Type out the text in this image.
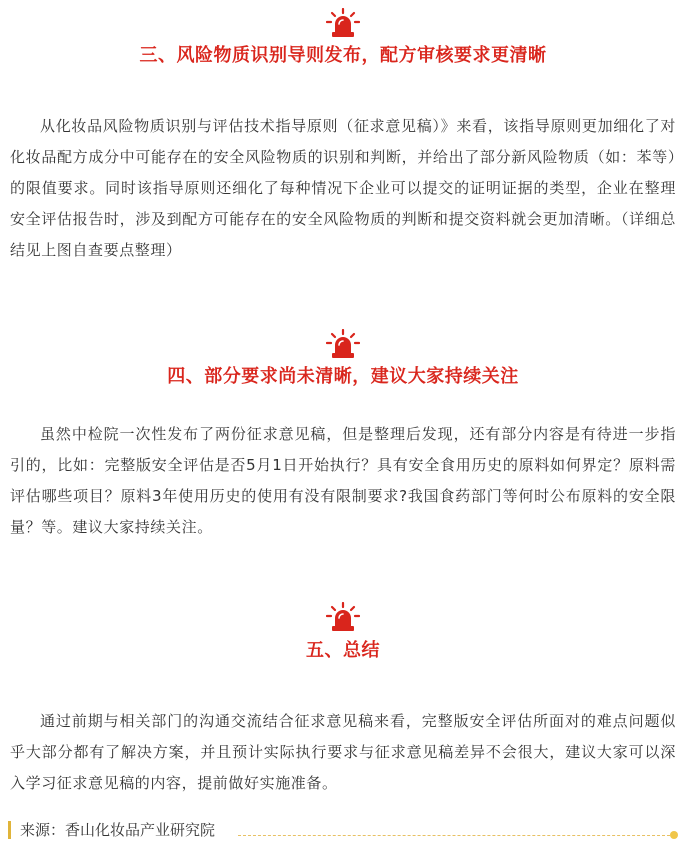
三、风险物质识别导则发布，配方审核要求更清晰
从化妆品风险物质识别与评估技术指导原则（征求意见稿）》来看，该指导原则更加细化了对化妆品配方成分中可能存在的安全风险物质的识别和判断，并给出了部分新风险物质（如：苯等）的限值要求。同时该指导原则还细化了每种情况下企业可以提交的证明证据的类型，企业在整理安全评估报告时，涉及到配方可能存在的安全风险物质的判断和提交资料就会更加清晰。（详细总结见上图自查要点整理）
四、部分要求尚未清晰，建议大家持续关注
虽然中检院一次性发布了两份征求意见稿，但是整理后发现，还有部分内容是有待进一步指引的，比如：完整版安全评估是否5月1日开始执行？具有安全食用历史的原料如何界定？原料需评估哪些项目？原料3年使用历史的使用有没有限制要求?我国食药部门等何时公布原料的安全限量？等。建议大家持续关注。
五、总结
通过前期与相关部门的沟通交流结合征求意见稿来看，完整版安全评估所面对的难点问题似乎大部分都有了解决方案，并且预计实际执行要求与征求意见稿差异不会很大，建议大家可以深入学习征求意见稿的内容，提前做好实施准备。
来源：香山化妆品产业研究院
